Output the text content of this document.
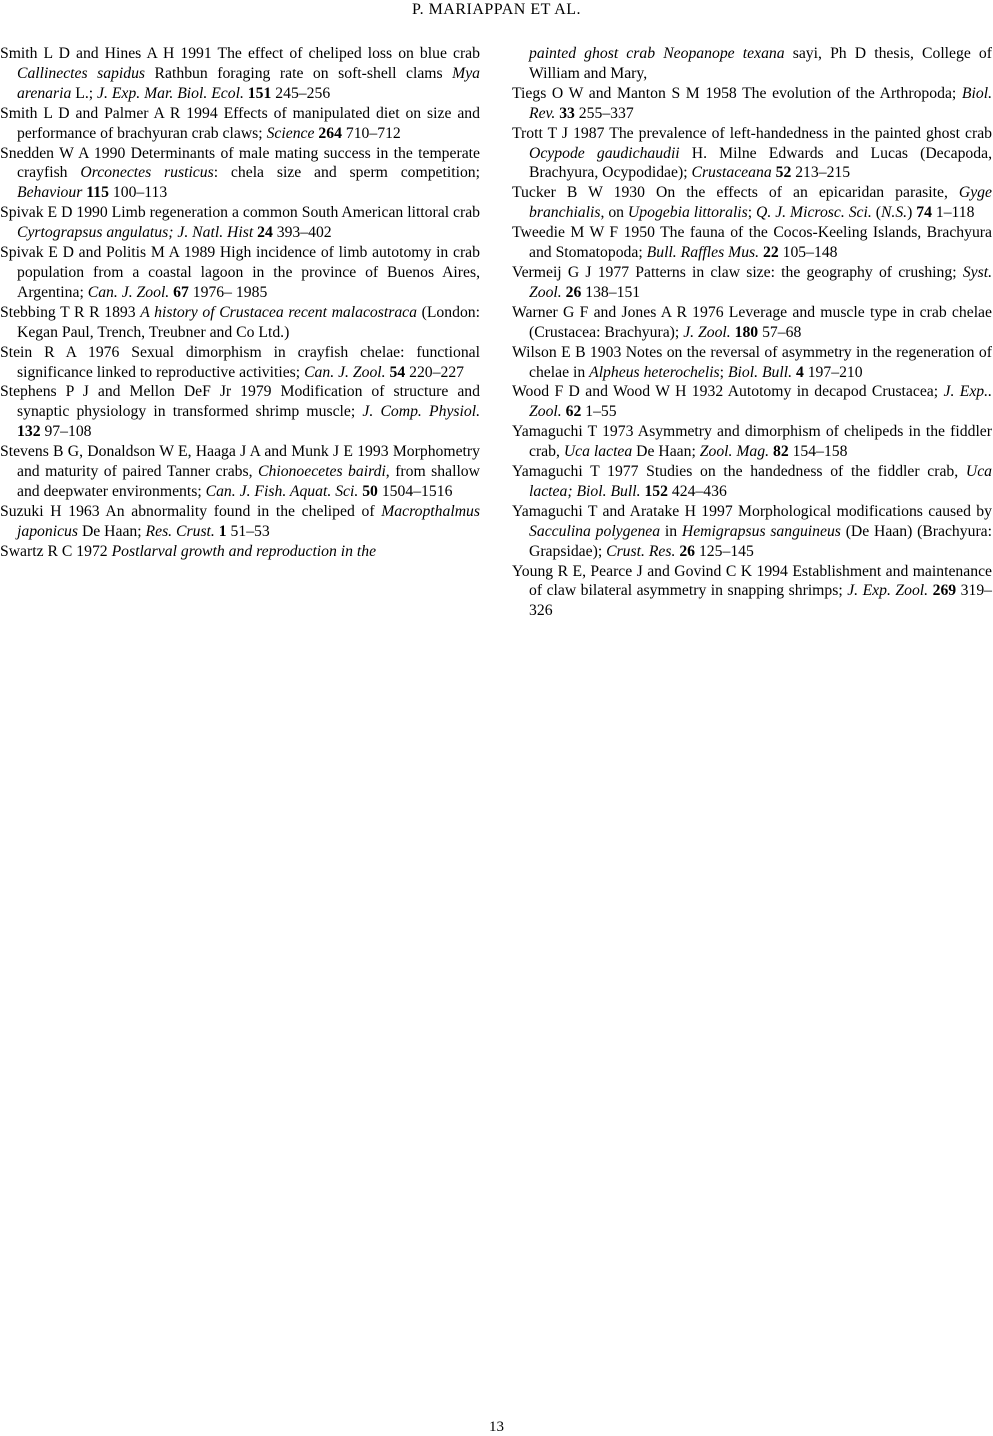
P. MARIAPPAN ET AL.

Smith L D and Hines A H 1991 The effect of cheliped loss on blue crab Callinectes sapidus Rathbun foraging rate on soft-shell clams Mya arenaria L.; J. Exp. Mar. Biol. Ecol. 151 245–256

Smith L D and Palmer A R 1994 Effects of manipulated diet on size and performance of brachyuran crab claws; Science 264 710–712

Snedden W A 1990 Determinants of male mating success in the temperate crayfish Orconectes rusticus: chela size and sperm competition; Behaviour 115 100–113

Spivak E D 1990 Limb regeneration a common South American littoral crab Cyrtograpsus angulatus; J. Natl. Hist 24 393–402

Spivak E D and Politis M A 1989 High incidence of limb autotomy in crab population from a coastal lagoon in the province of Buenos Aires, Argentina; Can. J. Zool. 67 1976– 1985

Stebbing T R R 1893 A history of Crustacea recent malacostraca (London: Kegan Paul, Trench, Treubner and Co Ltd.)

Stein R A 1976 Sexual dimorphism in crayfish chelae: functional significance linked to reproductive activities; Can. J. Zool. 54 220–227

Stephens P J and Mellon DeF Jr 1979 Modification of structure and synaptic physiology in transformed shrimp muscle; J. Comp. Physiol. 132 97–108

Stevens B G, Donaldson W E, Haaga J A and Munk J E 1993 Morphometry and maturity of paired Tanner crabs, Chionoecetes bairdi, from shallow and deepwater environments; Can. J. Fish. Aquat. Sci. 50 1504–1516

Suzuki H 1963 An abnormality found in the cheliped of Macropthalmus japonicus De Haan; Res. Crust. 1 51–53

Swartz R C 1972 Postlarval growth and reproduction in the

painted ghost crab Neopanope texana sayi, Ph D thesis, College of William and Mary,

Tiegs O W and Manton S M 1958 The evolution of the Arthropoda; Biol. Rev. 33 255–337

Trott T J 1987 The prevalence of left-handedness in the painted ghost crab Ocypode gaudichaudii H. Milne Edwards and Lucas (Decapoda, Brachyura, Ocypodidae); Crustaceana 52 213–215

Tucker B W 1930 On the effects of an epicaridan parasite, Gyge branchialis, on Upogebia littoralis; Q. J. Microsc. Sci. (N.S.) 74 1–118

Tweedie M W F 1950 The fauna of the Cocos-Keeling Islands, Brachyura and Stomatopoda; Bull. Raffles Mus. 22 105–148

Vermeij G J 1977 Patterns in claw size: the geography of crushing; Syst. Zool. 26 138–151

Warner G F and Jones A R 1976 Leverage and muscle type in crab chelae (Crustacea: Brachyura); J. Zool. 180 57–68

Wilson E B 1903 Notes on the reversal of asymmetry in the regeneration of chelae in Alpheus heterochelis; Biol. Bull. 4 197–210

Wood F D and Wood W H 1932 Autotomy in decapod Crustacea; J. Exp.. Zool. 62 1–55

Yamaguchi T 1973 Asymmetry and dimorphism of chelipeds in the fiddler crab, Uca lactea De Haan; Zool. Mag. 82 154–158

Yamaguchi T 1977 Studies on the handedness of the fiddler crab, Uca lactea; Biol. Bull. 152 424–436

Yamaguchi T and Aratake H 1997 Morphological modifications caused by Sacculina polygenea in Hemigrapsus sanguineus (De Haan) (Brachyura: Grapsidae); Crust. Res. 26 125–145

Young R E, Pearce J and Govind C K 1994 Establishment and maintenance of claw bilateral asymmetry in snapping shrimps; J. Exp. Zool. 269 319–326

13
